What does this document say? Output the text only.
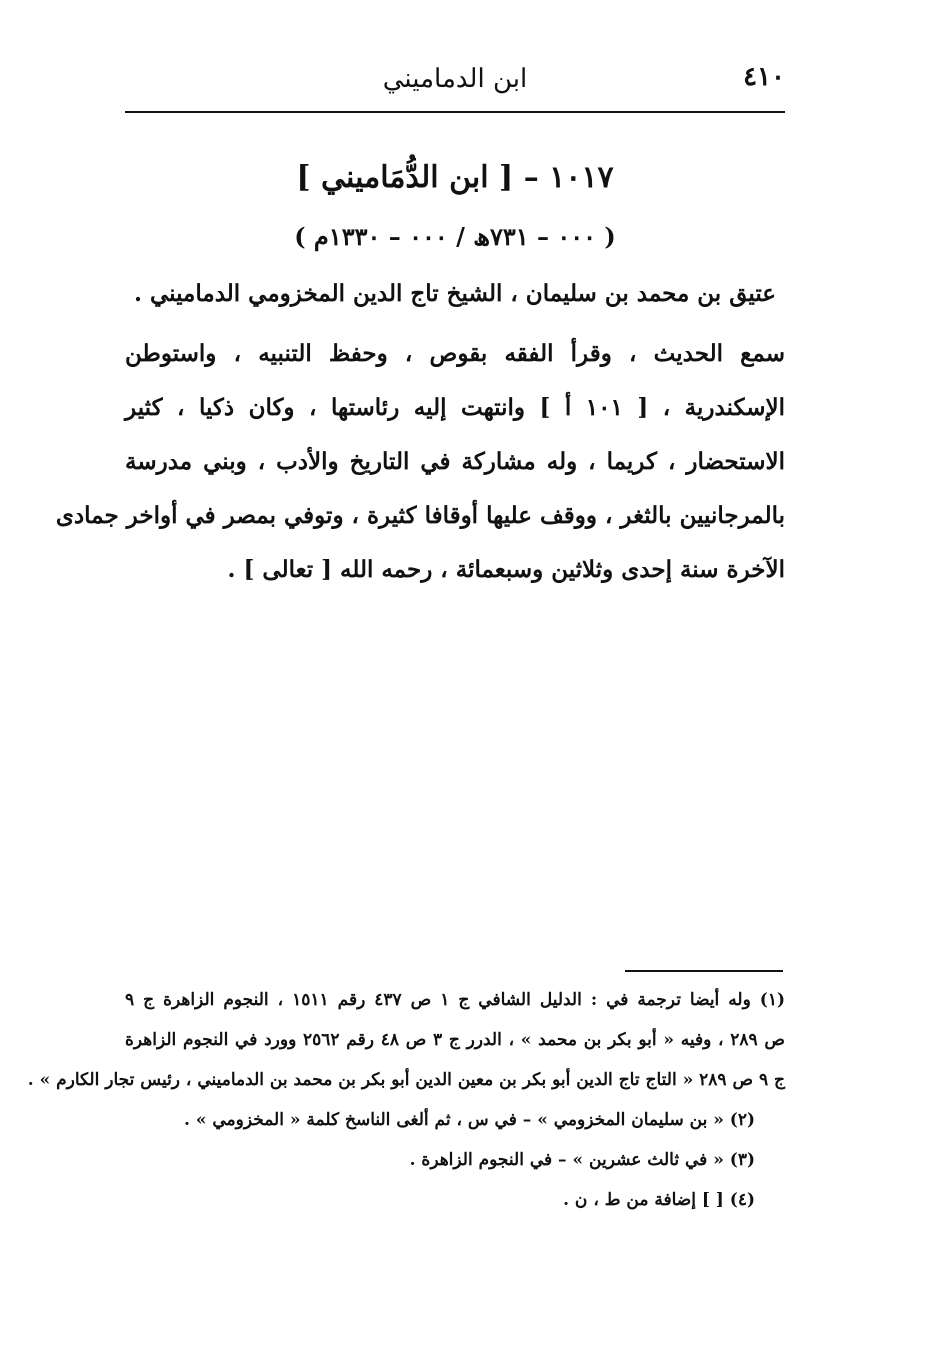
٤١٠
ابن الدماميني
١٠١٧ – [ ابن الدُّمَاميني ]
( ٠٠٠ – ٧٣١ھ / ٠٠٠ – ١٣٣٠م )
عتيق بن محمد بن سليمان ، الشيخ تاج الدين المخزومي الدماميني .
سمع الحديث ، وقرأ الفقه بقوص ، وحفظ التنبيه ، واستوطن
الإسكندرية ، [ ١٠١ أ ] وانتهت إليه رئاستها ، وكان ذكيا ، كثير
الاستحضار ، كريما ، وله مشاركة في التاريخ والأدب ، وبني مدرسة
بالمرجانيين بالثغر ، ووقف عليها أوقافا كثيرة ، وتوفي بمصر في أواخر جمادى
الآخرة سنة إحدى وثلاثين وسبعمائة ، رحمه الله [ تعالى ] .
(١) وله أيضا ترجمة في : الدليل الشافي ج ١ ص ٤٣٧ رقم ١٥١١ ، النجوم الزاهرة ج ٩
ص ٢٨٩ ، وفيه « أبو بكر بن محمد » ، الدرر ج ٣ ص ٤٨ رقم ٢٥٦٢ وورد في النجوم الزاهرة
ج ٩ ص ٢٨٩ « التاج تاج الدين أبو بكر بن معين الدين أبو بكر بن محمد بن الدماميني ، رئيس تجار الكارم » .
(٢) « بن سليمان المخزومي » – في س ، ثم ألغى الناسخ كلمة « المخزومي » .
(٣) « في ثالث عشرين » – في النجوم الزاهرة .
(٤) [ ] إضافة من ط ، ن .
